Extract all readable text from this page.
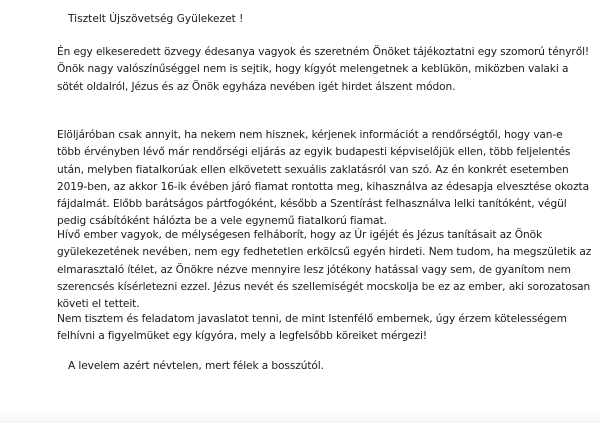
Tisztelt Újszövetség Gyülekezet !
Én egy elkeseredett özvegy édesanya vagyok és szeretném Önöket tájékoztatni egy szomorú tényről!
Önök nagy valószínűséggel nem is sejtik, hogy kígyót melengetnek a keblükön, miközben valaki a
sötét oldalról, Jézus és az Önök egyháza nevében igét hirdet álszent módon.
Elöljáróban csak annyit, ha nekem nem hisznek, kérjenek információt a rendőrségtől, hogy van-e
több érvényben lévő már rendőrségi eljárás az egyik budapesti képviselőjük ellen, több feljelentés
után, melyben fiatalkorúak ellen elkövetett sexuális zaklatásról van szó. Az én konkrét esetemben
2019-ben, az akkor 16-ik évében járó fiamat rontotta meg, kihasználva az édesapja elvesztése okozta
fájdalmát. Előbb barátságos pártfogóként, később a Szentírást felhasználva lelki tanítóként, végül
pedig csábítóként hálózta be a vele egynemű fiatalkorú fiamat.
Hívő ember vagyok, de mélységesen felháborít, hogy az Úr igéjét és Jézus tanításait az Önök
gyülekezetének nevében, nem egy fedhetetlen erkölcsű egyén hirdeti. Nem tudom, ha megszületik az
elmarasztaló ítélet, az Önökre nézve mennyire lesz jótékony hatással vagy sem, de gyanítom nem
szerencsés kísérletezni ezzel. Jézus nevét és szellemiségét mocskolja be ez az ember, aki sorozatosan
követi el tetteit.
Nem tisztem és feladatom javaslatot tenni, de mint Istenfélő embernek, úgy érzem kötelességem
felhívni a figyelmüket egy kígyóra, mely a legfelsőbb köreiket mérgezi!
A levelem azért névtelen, mert félek a bosszútól.
